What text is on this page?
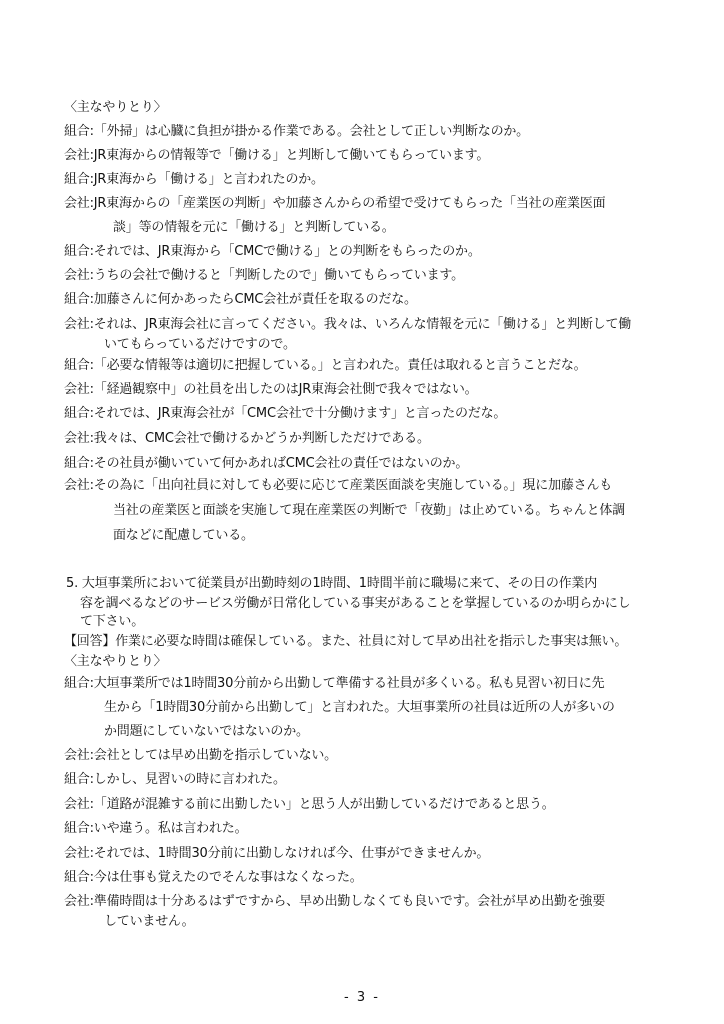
〈主なやりとり〉
組合:「外掃」は心臓に負担が掛かる作業である。会社として正しい判断なのか。
会社:JR東海からの情報等で「働ける」と判断して働いてもらっています。
組合:JR東海から「働ける」と言われたのか。
会社:JR東海からの「産業医の判断」や加藤さんからの希望で受けてもらった「当社の産業医面
談」等の情報を元に「働ける」と判断している。
組合:それでは、JR東海から「CMCで働ける」との判断をもらったのか。
会社:うちの会社で働けると「判断したので」働いてもらっています。
組合:加藤さんに何かあったらCMC会社が責任を取るのだな。
会社:それは、JR東海会社に言ってください。我々は、いろんな情報を元に「働ける」と判断して働
いてもらっているだけですので。
組合:「必要な情報等は適切に把握している。」と言われた。責任は取れると言うことだな。
会社:「経過観察中」の社員を出したのはJR東海会社側で我々ではない。
組合:それでは、JR東海会社が「CMC会社で十分働けます」と言ったのだな。
会社:我々は、CMC会社で働けるかどうか判断しただけである。
組合:その社員が働いていて何かあればCMC会社の責任ではないのか。
会社:その為に「出向社員に対しても必要に応じて産業医面談を実施している。」現に加藤さんも
当社の産業医と面談を実施して現在産業医の判断で「夜勤」は止めている。ちゃんと体調
面などに配慮している。
5. 大垣事業所において従業員が出勤時刻の1時間、1時間半前に職場に来て、その日の作業内
容を調べるなどのサービス労働が日常化している事実があることを掌握しているのか明らかにし
て下さい。
【回答】作業に必要な時間は確保している。また、社員に対して早め出社を指示した事実は無い。
〈主なやりとり〉
組合:大垣事業所では1時間30分前から出勤して準備する社員が多くいる。私も見習い初日に先
生から「1時間30分前から出勤して」と言われた。大垣事業所の社員は近所の人が多いの
か問題にしていないではないのか。
会社:会社としては早め出勤を指示していない。
組合:しかし、見習いの時に言われた。
会社:「道路が混雑する前に出勤したい」と思う人が出勤しているだけであると思う。
組合:いや違う。私は言われた。
会社:それでは、1時間30分前に出勤しなければ今、仕事ができませんか。
組合:今は仕事も覚えたのでそんな事はなくなった。
会社:準備時間は十分あるはずですから、早め出勤しなくても良いです。会社が早め出勤を強要
していません。
- 3 -
